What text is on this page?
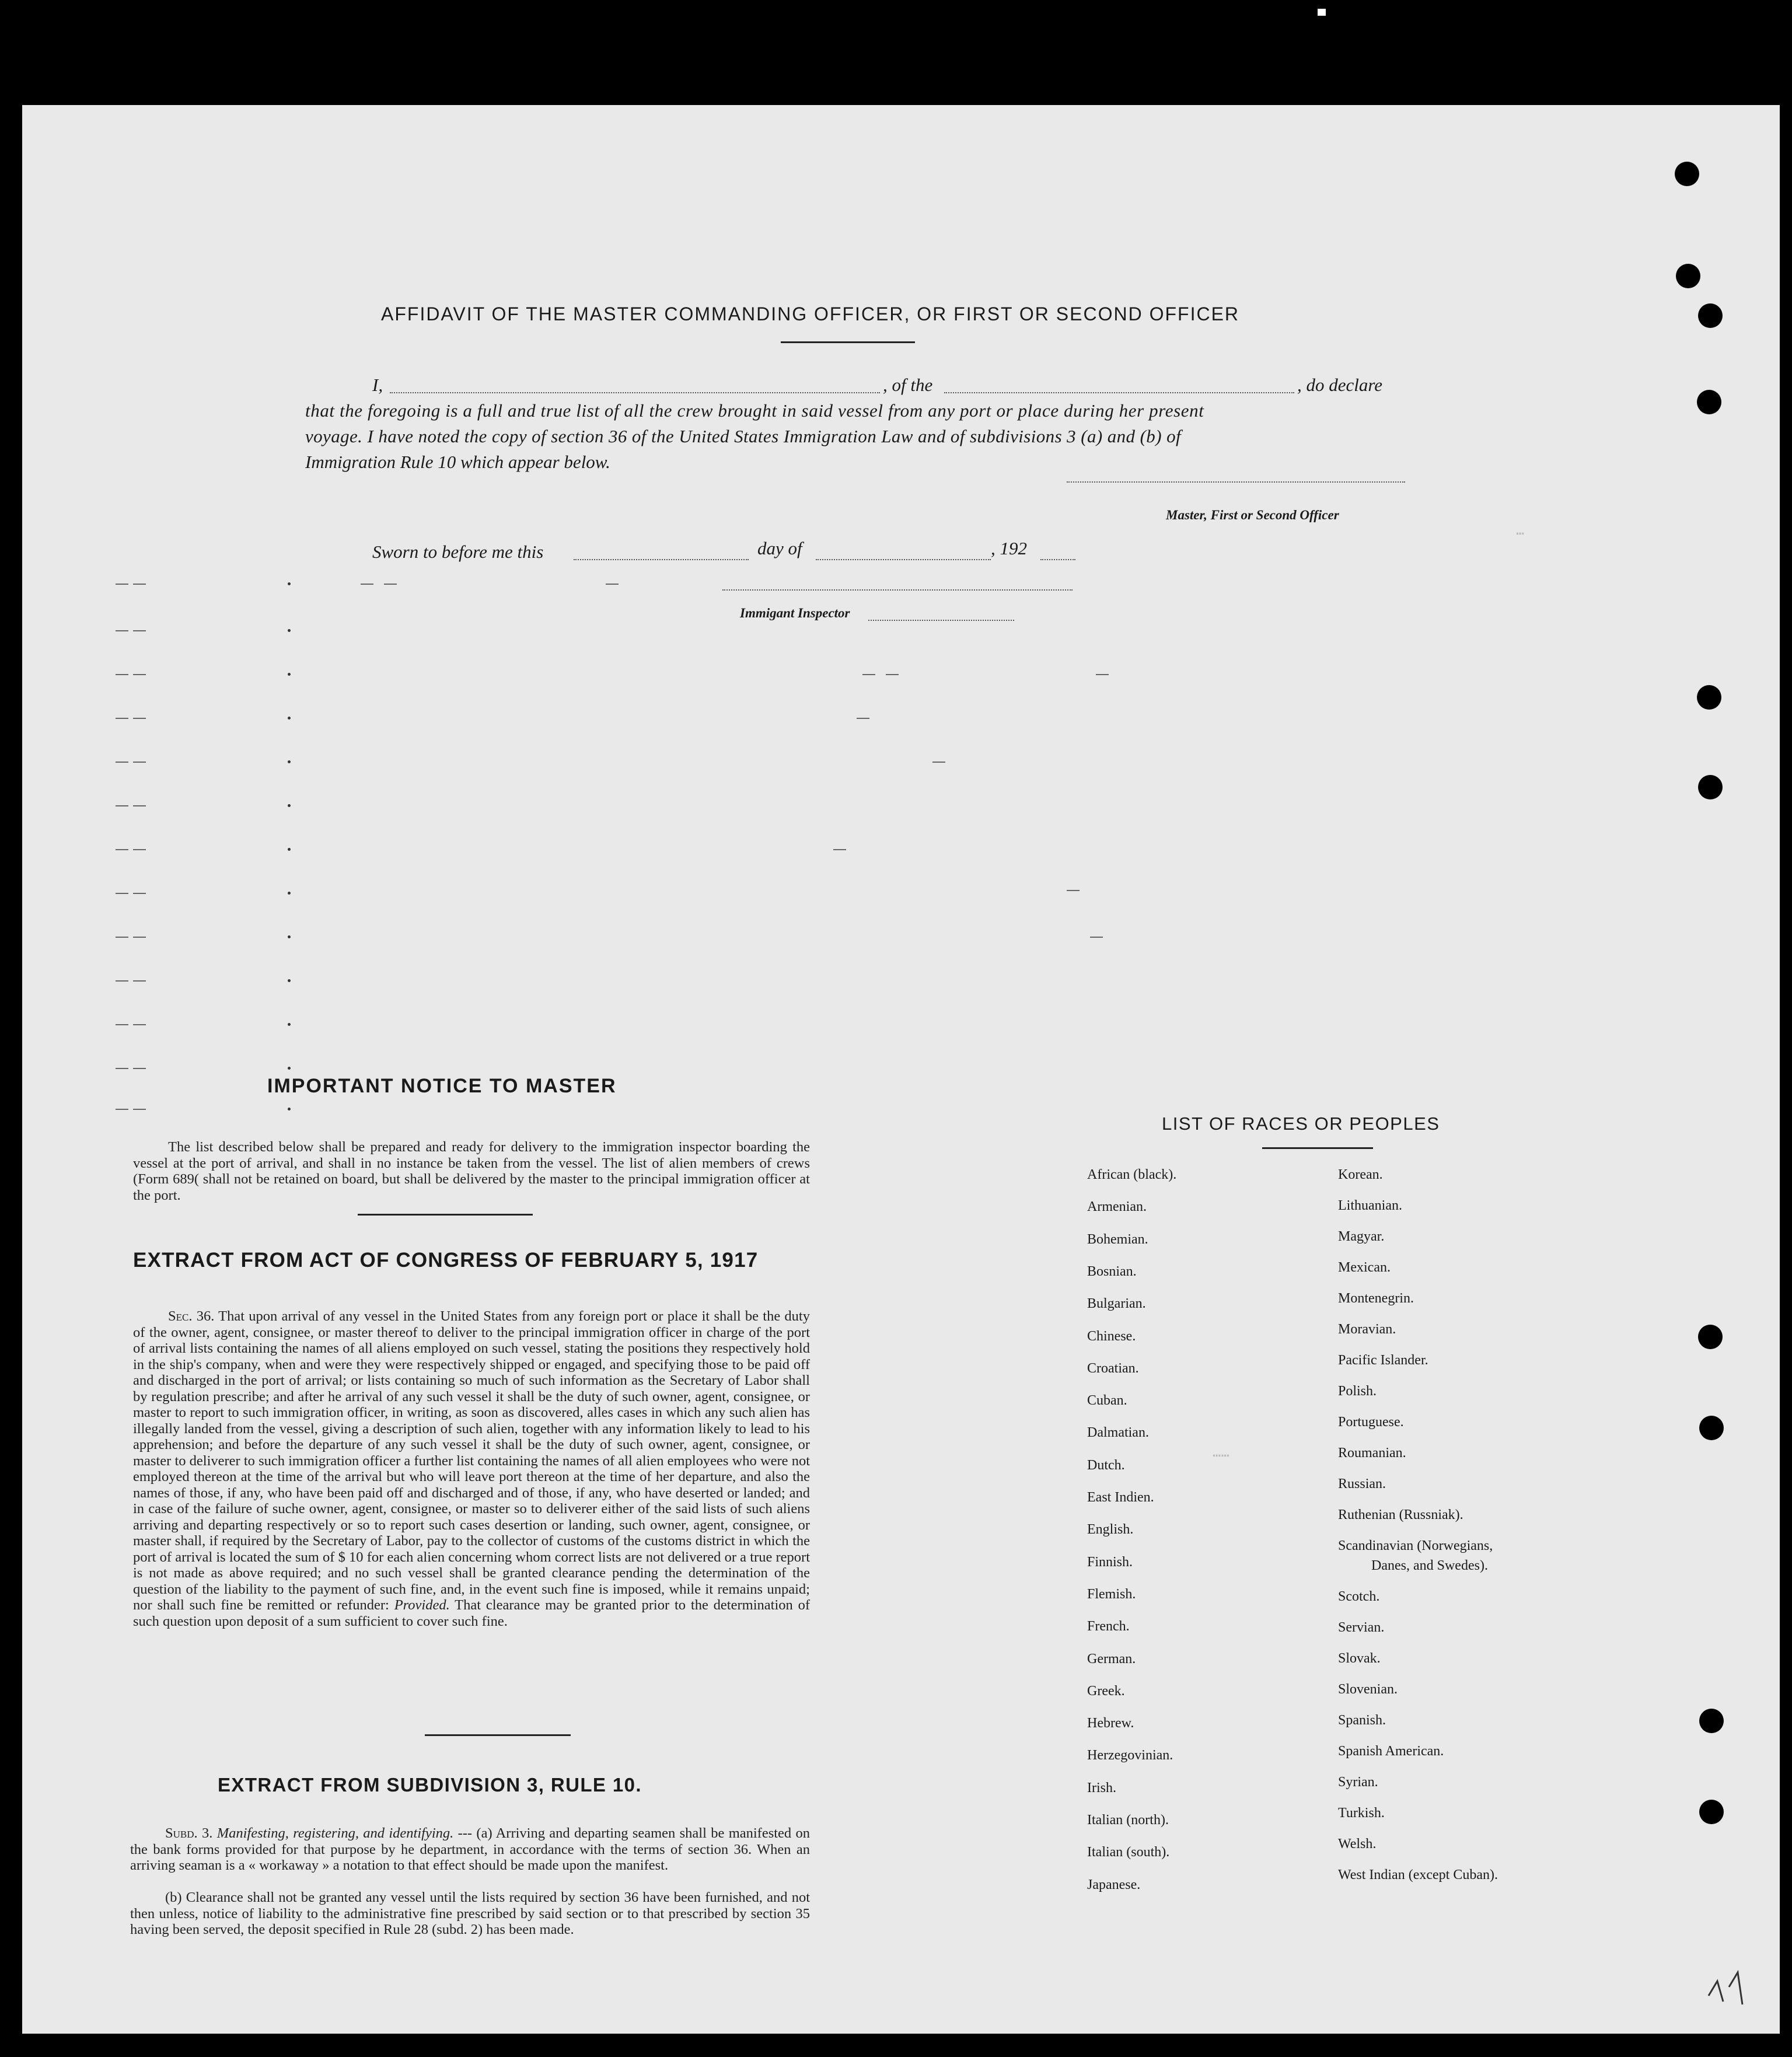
AFFIDAVIT OF THE MASTER COMMANDING OFFICER, OR FIRST OR SECOND OFFICER
I,	, of the	, do declare
that the foregoing is a full and true list of all the crew brought in said vessel from any port or place during her present
voyage. I have noted the copy of section 36 of the United States Immigration Law and of subdivisions 3 (a) and (b) of
Immigration Rule 10 which appear below.
Master, First or Second Officer
Sworn to before me this	day of	, 192
Immigant Inspector
⋯
⋯⋯
IMPORTANT NOTICE TO MASTER
The list described below shall be prepared and ready for delivery to the immigration inspector boarding the vessel at the port of arrival, and shall in no instance be taken from the vessel. The list of alien members of crews (Form 689( shall not be retained on board, but shall be delivered by the master to the principal immigration officer at the port.
EXTRACT FROM ACT OF CONGRESS OF FEBRUARY 5, 1917
Sec. 36. That upon arrival of any vessel in the United States from any foreign port or place it shall be the duty of the owner, agent, consignee, or master thereof to deliver to the principal immigration officer in charge of the port of arrival lists containing the names of all aliens employed on such vessel, stating the positions they respectively hold in the ship's company, when and were they were respectively shipped or engaged, and specifying those to be paid off and discharged in the port of arrival; or lists containing so much of such information as the Secretary of Labor shall by regulation prescribe; and after he arrival of any such vessel it shall be the duty of such owner, agent, consignee, or master to report to such immigration officer, in writing, as soon as discovered, alles cases in which any such alien has illegally landed from the vessel, giving a description of such alien, together with any information likely to lead to his apprehension; and before the departure of any such vessel it shall be the duty of such owner, agent, consignee, or master to deliverer to such immigration officer a further list containing the names of all alien employees who were not employed thereon at the time of the arrival but who will leave port thereon at the time of her departure, and also the names of those, if any, who have been paid off and discharged and of those, if any, who have deserted or landed; and in case of the failure of suche owner, agent, consignee, or master so to deliverer either of the said lists of such aliens arriving and departing respectively or so to report such cases desertion or landing, such owner, agent, consignee, or master shall, if required by the Secretary of Labor, pay to the collector of customs of the customs district in which the port of arrival is located the sum of $ 10 for each alien concerning whom correct lists are not delivered or a true report is not made as above required; and no such vessel shall be granted clearance pending the determination of the question of the liability to the payment of such fine, and, in the event such fine is imposed, while it remains unpaid; nor shall such fine be remitted or refunder: Provided. That clearance may be granted prior to the determination of such question upon deposit of a sum sufficient to cover such fine.
EXTRACT FROM SUBDIVISION 3, RULE 10.
Subd. 3. Manifesting, registering, and identifying. --- (a) Arriving and departing seamen shall be manifested on the bank forms provided for that purpose by he department, in accordance with the terms of section 36. When an arriving seaman is a « workaway » a notation to that effect should be made upon the manifest.
(b) Clearance shall not be granted any vessel until the lists required by section 36 have been furnished, and not then unless, notice of liability to the administrative fine prescribed by said section or to that prescribed by section 35 having been served, the deposit specified in Rule 28 (subd. 2) has been made.
LIST OF RACES OR PEOPLES
African (black).
Armenian.
Bohemian.
Bosnian.
Bulgarian.
Chinese.
Croatian.
Cuban.
Dalmatian.
Dutch.
East Indien.
English.
Finnish.
Flemish.
French.
German.
Greek.
Hebrew.
Herzegovinian.
Irish.
Italian (north).
Italian (south).
Japanese.
Korean.
Lithuanian.
Magyar.
Mexican.
Montenegrin.
Moravian.
Pacific Islander.
Polish.
Portuguese.
Roumanian.
Russian.
Ruthenian (Russniak).
Scandinavian (Norwegians,
Danes, and Swedes).
Scotch.
Servian.
Slovak.
Slovenian.
Spanish.
Spanish American.
Syrian.
Turkish.
Welsh.
West Indian (except Cuban).
